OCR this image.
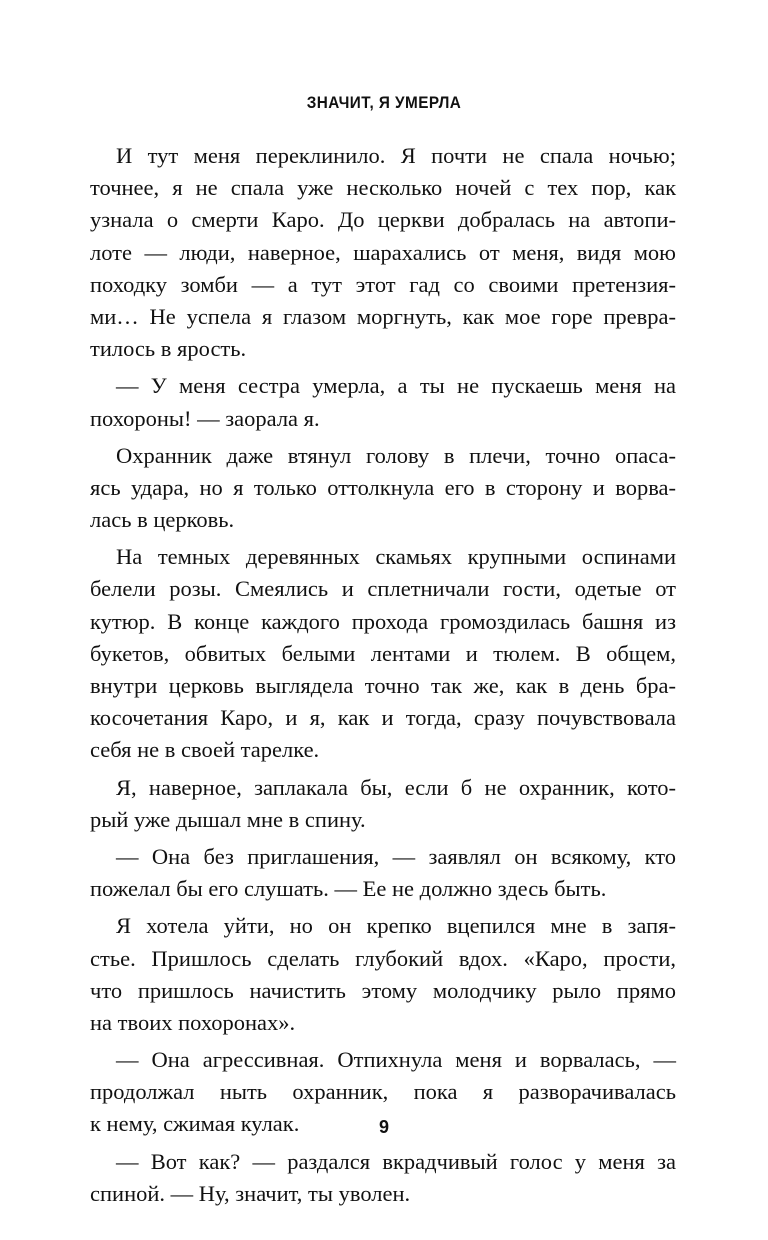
ЗНАЧИТ, Я УМЕРЛА
И тут меня переклинило. Я почти не спала ночью;
точнее, я не спала уже несколько ночей с тех пор, как
узнала о смерти Каро. До церкви добралась на автопи-
лоте — люди, наверное, шарахались от меня, видя мою
походку зомби — а тут этот гад со своими претензия-
ми… Не успела я глазом моргнуть, как мое горе превра-
тилось в ярость.
— У меня сестра умерла, а ты не пускаешь меня на
похороны! — заорала я.
Охранник даже втянул голову в плечи, точно опаса-
ясь удара, но я только оттолкнула его в сторону и ворва-
лась в церковь.
На темных деревянных скамьях крупными оспинами
белели розы. Смеялись и сплетничали гости, одетые от
кутюр. В конце каждого прохода громоздилась башня из
букетов, обвитых белыми лентами и тюлем. В общем,
внутри церковь выглядела точно так же, как в день бра-
косочетания Каро, и я, как и тогда, сразу почувствовала
себя не в своей тарелке.
Я, наверное, заплакала бы, если б не охранник, кото-
рый уже дышал мне в спину.
— Она без приглашения, — заявлял он всякому, кто
пожелал бы его слушать. — Ее не должно здесь быть.
Я хотела уйти, но он крепко вцепился мне в запя-
стье. Пришлось сделать глубокий вдох. «Каро, прости,
что пришлось начистить этому молодчику рыло прямо
на твоих похоронах».
— Она агрессивная. Отпихнула меня и ворвалась, —
продолжал ныть охранник, пока я разворачивалась
к нему, сжимая кулак.
— Вот как? — раздался вкрадчивый голос у меня за
спиной. — Ну, значит, ты уволен.
9
